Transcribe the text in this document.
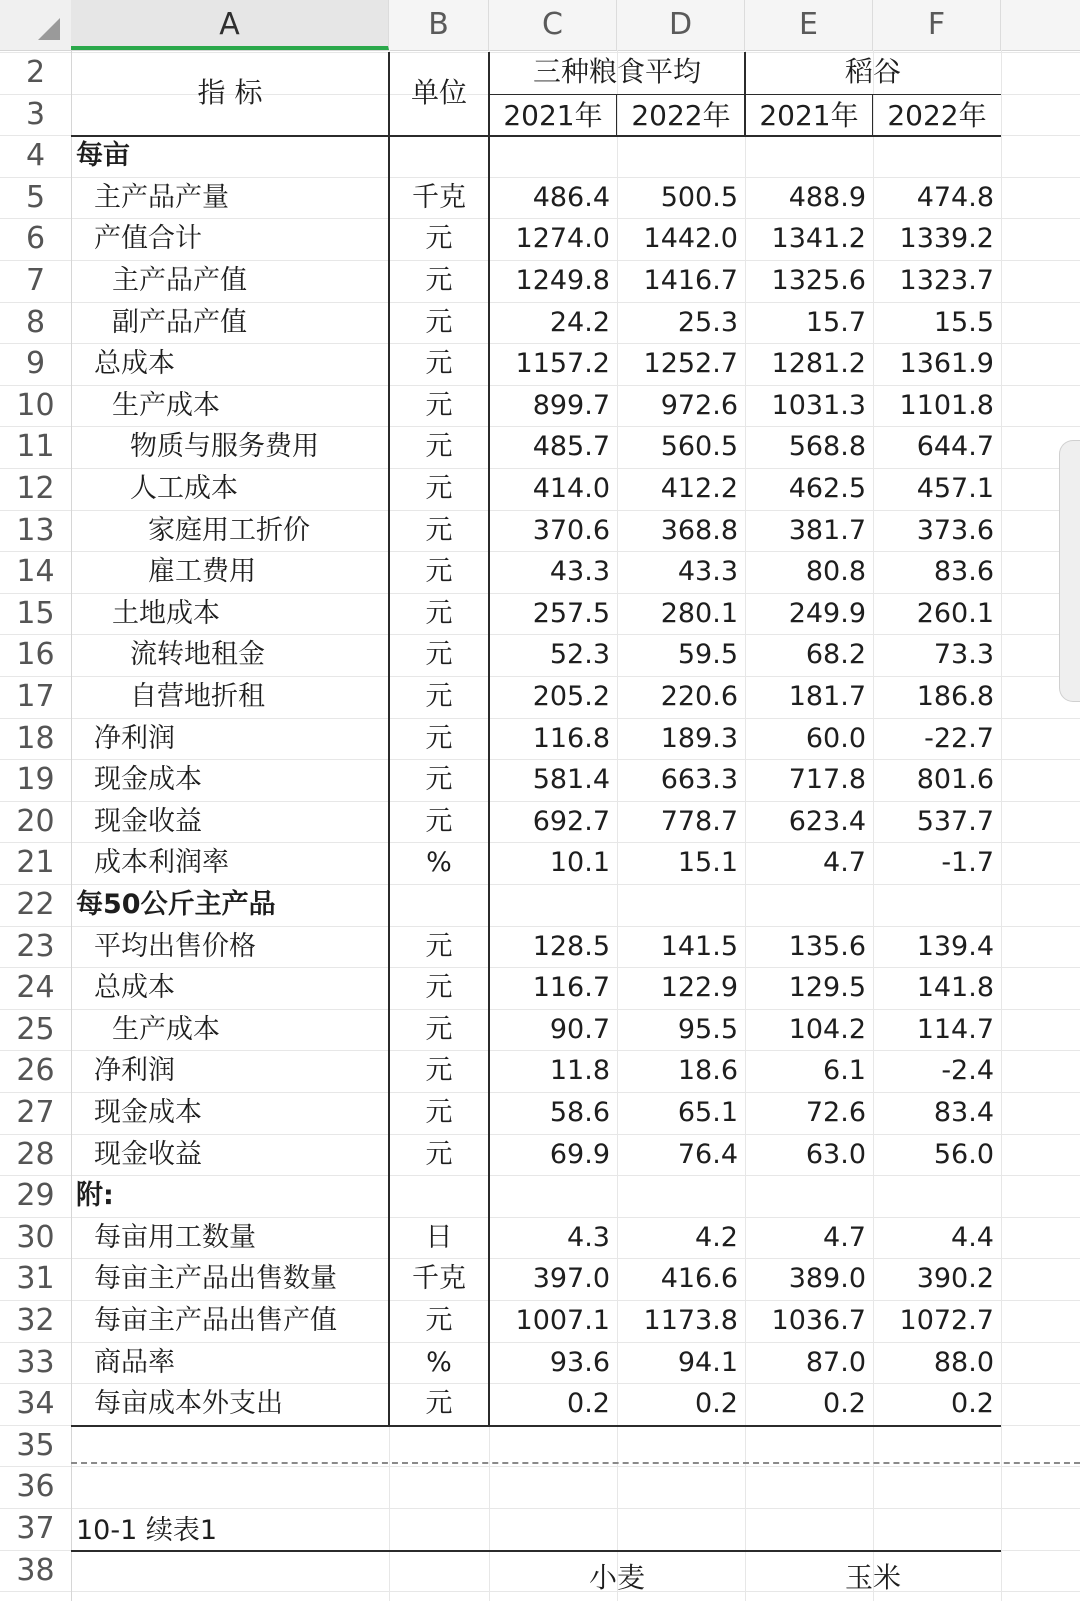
A	B	C	D	E	F
2
3
4
5
6
7
8
9
10
11
12
13
14
15
16
17
18
19
20
21
22
23
24
25
26
27
28
29
30
31
32
33
34
35
36
37
38
指 标	单位
三种粮食平均	稻谷
2021年	2022年	2021年	2022年
每亩
主产品产量	千克	486.4	500.5	488.9	474.8
产值合计	元	1274.0	1442.0	1341.2	1339.2
主产品产值	元	1249.8	1416.7	1325.6	1323.7
副产品产值	元	24.2	25.3	15.7	15.5
总成本	元	1157.2	1252.7	1281.2	1361.9
生产成本	元	899.7	972.6	1031.3	1101.8
物质与服务费用	元	485.7	560.5	568.8	644.7
人工成本	元	414.0	412.2	462.5	457.1
家庭用工折价	元	370.6	368.8	381.7	373.6
雇工费用	元	43.3	43.3	80.8	83.6
土地成本	元	257.5	280.1	249.9	260.1
流转地租金	元	52.3	59.5	68.2	73.3
自营地折租	元	205.2	220.6	181.7	186.8
净利润	元	116.8	189.3	60.0	-22.7
现金成本	元	581.4	663.3	717.8	801.6
现金收益	元	692.7	778.7	623.4	537.7
成本利润率	%	10.1	15.1	4.7	-1.7
每50公斤主产品
平均出售价格	元	128.5	141.5	135.6	139.4
总成本	元	116.7	122.9	129.5	141.8
生产成本	元	90.7	95.5	104.2	114.7
净利润	元	11.8	18.6	6.1	-2.4
现金成本	元	58.6	65.1	72.6	83.4
现金收益	元	69.9	76.4	63.0	56.0
附:
每亩用工数量	日	4.3	4.2	4.7	4.4
每亩主产品出售数量	千克	397.0	416.6	389.0	390.2
每亩主产品出售产值	元	1007.1	1173.8	1036.7	1072.7
商品率	%	93.6	94.1	87.0	88.0
每亩成本外支出	元	0.2	0.2	0.2	0.2
10-1 续表1
小麦	玉米
